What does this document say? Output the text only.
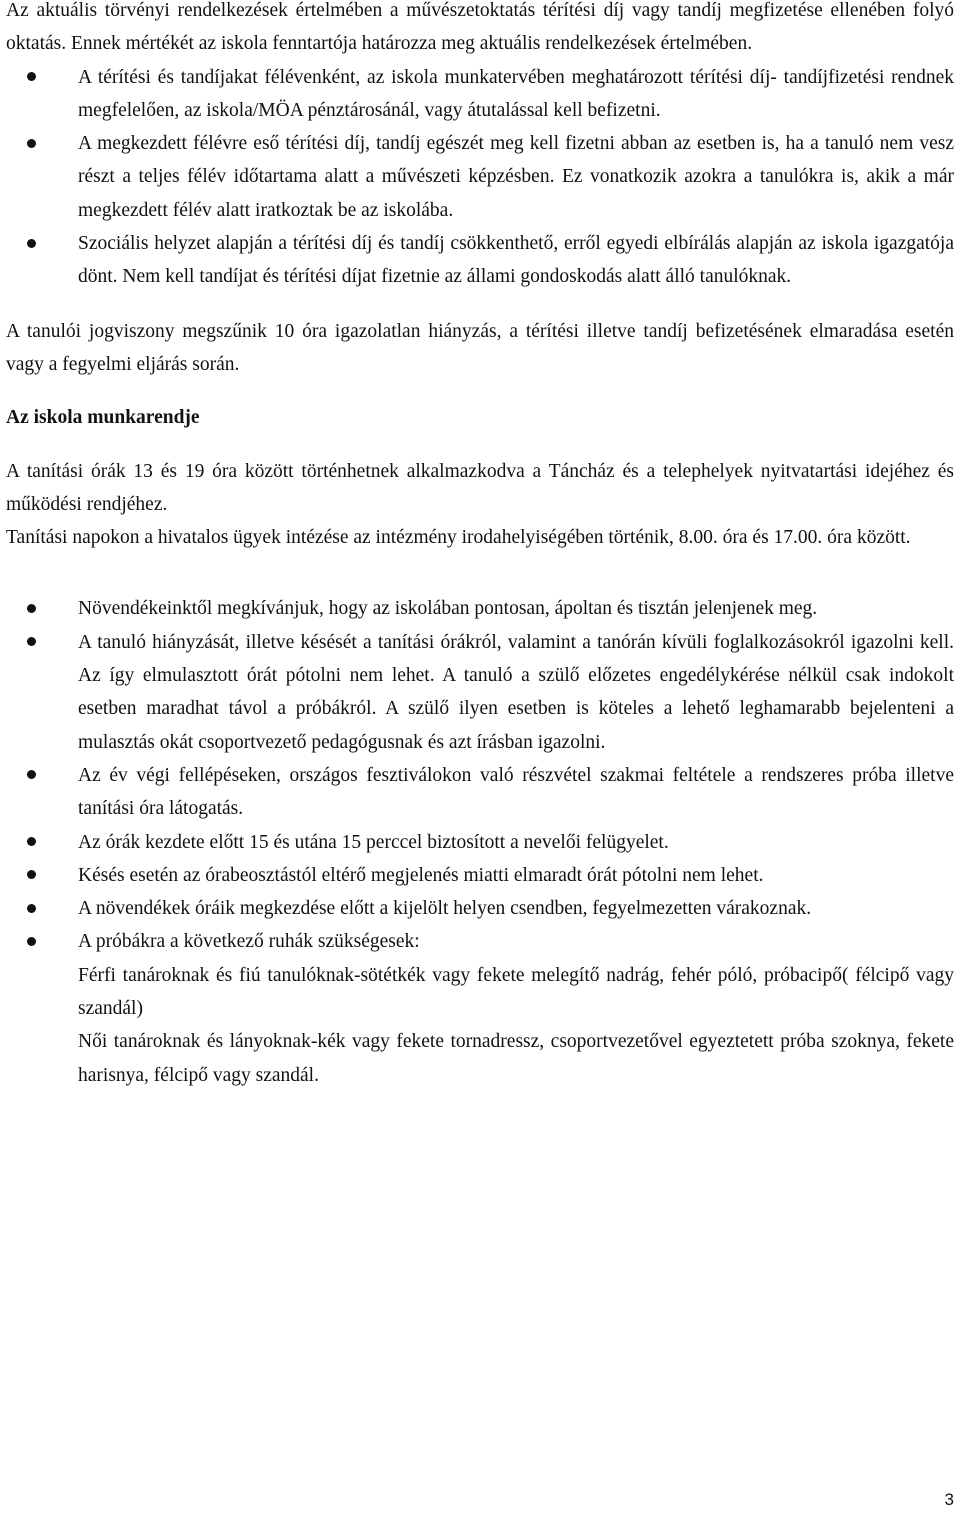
Az aktuális törvényi rendelkezések értelmében a művészetoktatás térítési díj vagy tandíj megfizetése ellenében folyó oktatás. Ennek mértékét az iskola fenntartója határozza meg aktuális rendelkezések értelmében.

A térítési és tandíjakat félévenként, az iskola munkatervében meghatározott térítési díj- tandíjfizetési rendnek megfelelően, az iskola/MÖA pénztárosánál, vagy átutalással kell befizetni.
A megkezdett félévre eső térítési díj, tandíj egészét meg kell fizetni abban az esetben is, ha a tanuló nem vesz részt a teljes félév időtartama alatt a művészeti képzésben. Ez vonatkozik azokra a tanulókra is, akik a már megkezdett félév alatt iratkoztak be az iskolába.
Szociális helyzet alapján a térítési díj és tandíj csökkenthető, erről egyedi elbírálás alapján az iskola igazgatója dönt. Nem kell tandíjat és térítési díjat fizetnie az állami gondoskodás alatt álló tanulóknak.

A tanulói jogviszony megszűnik 10 óra igazolatlan hiányzás, a térítési illetve tandíj befizetésének elmaradása esetén vagy a fegyelmi eljárás során.

Az iskola munkarendje

A tanítási órák 13 és 19 óra között történhetnek alkalmazkodva a Táncház és a telephelyek nyitvatartási idejéhez és működési rendjéhez.

Tanítási napokon a hivatalos ügyek intézése az intézmény irodahelyiségében történik, 8.00. óra és 17.00. óra között.

Növendékeinktől megkívánjuk, hogy az iskolában pontosan, ápoltan és tisztán jelenjenek meg.
A tanuló hiányzását, illetve késését a tanítási órákról, valamint a tanórán kívüli foglalkozásokról igazolni kell. Az így elmulasztott órát pótolni nem lehet. A tanuló a szülő előzetes engedélykérése nélkül csak indokolt esetben maradhat távol a próbákról. A szülő ilyen esetben is köteles a lehető leghamarabb bejelenteni a mulasztás okát csoportvezető pedagógusnak és azt írásban igazolni.
Az év végi fellépéseken, országos fesztiválokon való részvétel szakmai feltétele a rendszeres próba illetve tanítási óra látogatás.
Az órák kezdete előtt 15 és utána 15 perccel biztosított a nevelői felügyelet.
Késés esetén az órabeosztástól eltérő megjelenés miatti elmaradt órát pótolni nem lehet.
A növendékek óráik megkezdése előtt a kijelölt helyen csendben, fegyelmezetten várakoznak.
A próbákra a következő ruhák szükségesek:
Férfi tanároknak és fiú tanulóknak-sötétkék vagy fekete melegítő nadrág, fehér póló, próbacipő( félcipő vagy szandál)
Női tanároknak és lányoknak-kék vagy fekete tornadressz, csoportvezetővel egyeztetett próba szoknya, fekete harisnya, félcipő vagy szandál.
3
